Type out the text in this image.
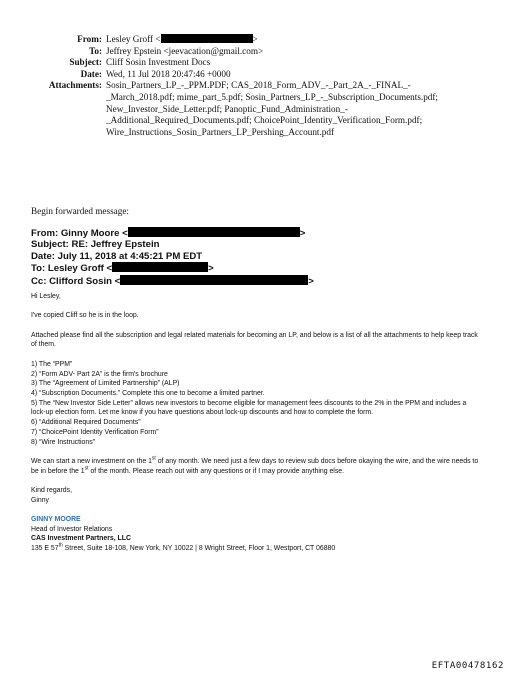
From: Lesley Groff <	>
To: Jeffrey Epstein <jeevacation@gmail.com>
Subject: Cliff Sosin Investment Docs
Date: Wed, 11 Jul 2018 20:47:46 +0000
Attachments: Sosin_Partners_LP_-_PPM.PDF; CAS_2018_Form_ADV_-_Part_2A_-_FINAL_-
_March_2018.pdf; mime_part_5.pdf; Sosin_Partners_LP_-_Subscription_Documents.pdf;
New_Investor_Side_Letter.pdf; Panoptic_Fund_Administration_-
_Additional_Required_Documents.pdf; ChoicePoint_Identity_Verification_Form.pdf;
Wire_Instructions_Sosin_Partners_LP_Pershing_Account.pdf
Begin forwarded message:
From: Ginny Moore <	>
Subject: RE: Jeffrey Epstein
Date: July 11, 2018 at 4:45:21 PM EDT
To: Lesley Groff <	>
Cc: Clifford Sosin <	>

Hi Lesley,

I've copied Cliff so he is in the loop.

Attached please find all the subscription and legal related materials for becoming an LP, and below is a list of all the attachments to help keep track of them.

1) The “PPM”

2) “Form ADV- Part 2A” is the firm's brochure

3) The “Agreement of Limited Partnership” (ALP)

4) “Subscription Documents.” Complete this one to become a limited partner.

5) The “New Investor Side Letter” allows new investors to become eligible for management fees discounts to the 2% in the PPM and includes a lock-up election form. Let me know if you have questions about lock-up discounts and how to complete the form.

6) “Additional Required Documents”

7) “ChoicePoint Identity Verification Form”

8) “Wire Instructions”

We can start a new investment on the 1st of any month. We need just a few days to review sub docs before okaying the wire, and the wire needs to be in before the 1st of the month. Please reach out with any questions or if I may provide anything else.

Kind regards,

Ginny

GINNY MOORE

Head of Investor Relations

CAS Investment Partners, LLC

135 E 57th Street, Suite 18-108, New York, NY 10022 | 8 Wright Street, Floor 1, Westport, CT 06880

EFTA00478162
